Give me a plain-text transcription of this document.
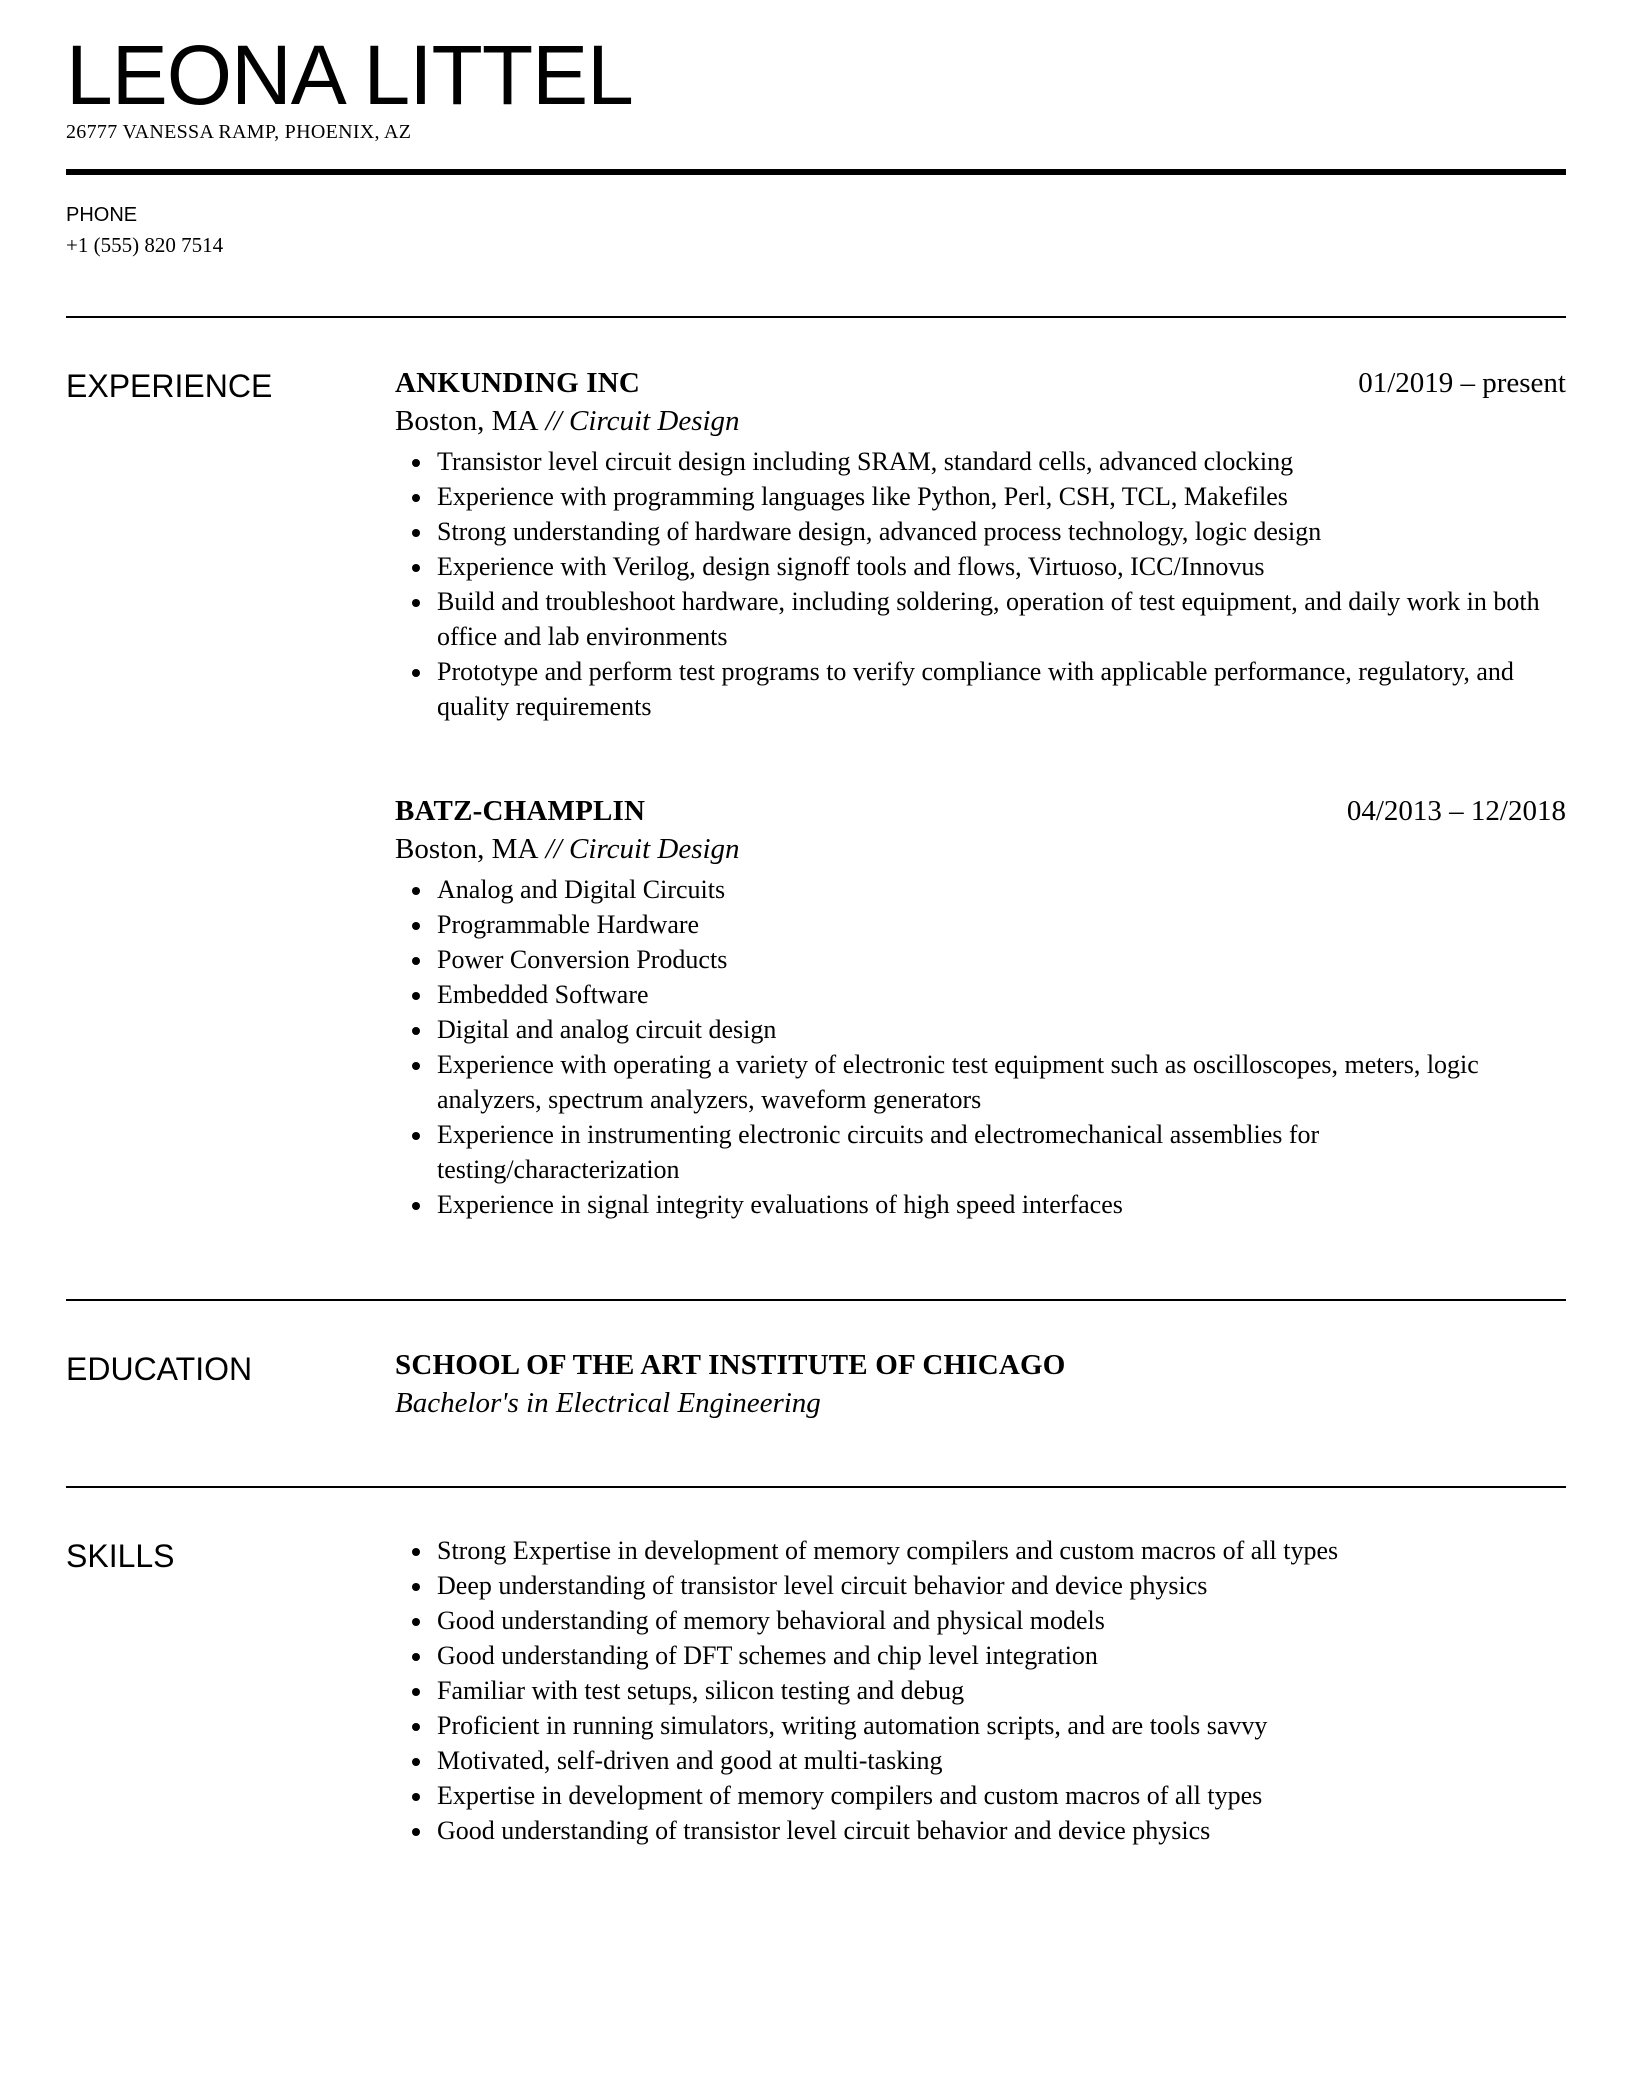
LEONA LITTEL
26777 VANESSA RAMP, PHOENIX, AZ
PHONE
+1 (555) 820 7514
EXPERIENCE	ANKUNDING INC	01/2019 – present
Boston, MA // Circuit Design
Transistor level circuit design including SRAM, standard cells, advanced clocking
Experience with programming languages like Python, Perl, CSH, TCL, Makefiles
Strong understanding of hardware design, advanced process technology, logic design
Experience with Verilog, design signoff tools and flows, Virtuoso, ICC/Innovus
Build and troubleshoot hardware, including soldering, operation of test equipment, and daily work in both office and lab environments
Prototype and perform test programs to verify compliance with applicable performance, regulatory, and quality requirements
BATZ-CHAMPLIN	04/2013 – 12/2018
Boston, MA // Circuit Design
Analog and Digital Circuits
Programmable Hardware
Power Conversion Products
Embedded Software
Digital and analog circuit design
Experience with operating a variety of electronic test equipment such as oscilloscopes, meters, logic analyzers, spectrum analyzers, waveform generators
Experience in instrumenting electronic circuits and electromechanical assemblies for testing/characterization
Experience in signal integrity evaluations of high speed interfaces
EDUCATION	SCHOOL OF THE ART INSTITUTE OF CHICAGO
Bachelor's in Electrical Engineering
SKILLS	Strong Expertise in development of memory compilers and custom macros of all types
Deep understanding of transistor level circuit behavior and device physics
Good understanding of memory behavioral and physical models
Good understanding of DFT schemes and chip level integration
Familiar with test setups, silicon testing and debug
Proficient in running simulators, writing automation scripts, and are tools savvy
Motivated, self-driven and good at multi-tasking
Expertise in development of memory compilers and custom macros of all types
Good understanding of transistor level circuit behavior and device physics
